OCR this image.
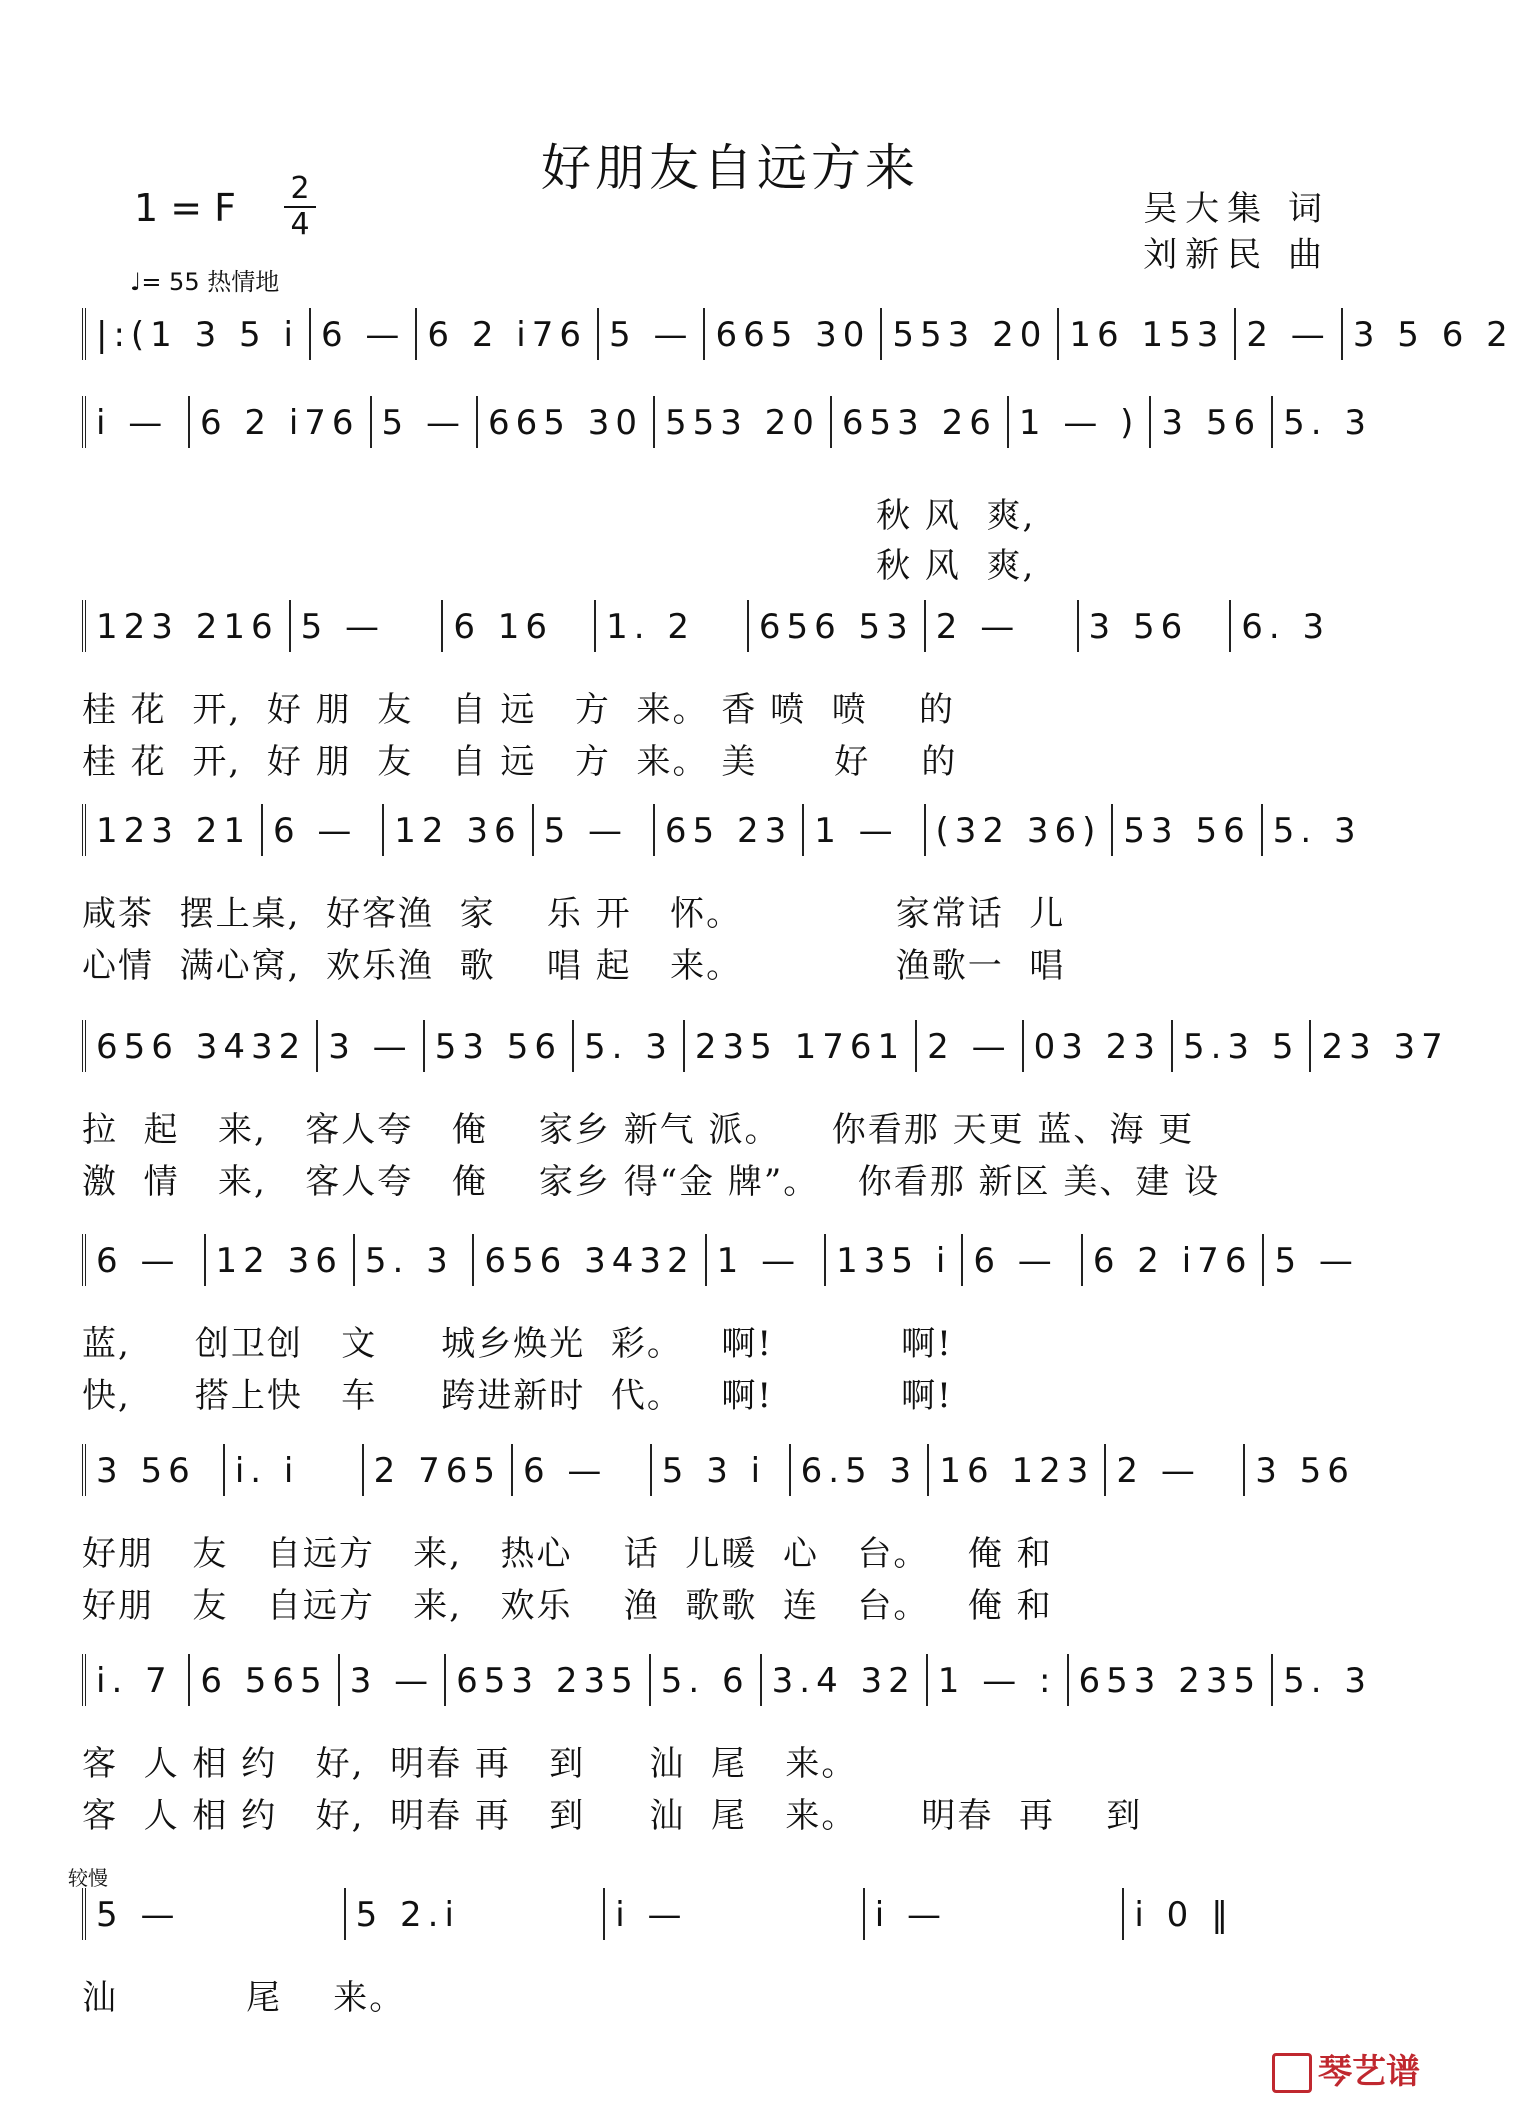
好朋友自远方来
1 = F	2
4
♩= 55 热情地
吴大集 词
刘新民 曲
|:(1 3 5 i 6 — 6 2 i76 5 — 665 30 553 20 16 153 2 — 3 5 6 2
i — 6 2 i76 5 — 665 30 553 20 653 26 1 — ) 3 56 5. 3
秋 风  爽,
秋 风  爽,
123 216 5 —	6 16	1. 2	656 53 2 —	3 56	6. 3
桂 花  开,  好 朋  友   自 远   方  来。 香 喷  喷    的
桂 花  开,  好 朋  友   自 远   方  来。 美      好    的
123 21 6 —	12 36 5 —	65 23 1 —	(32 36) 53 56 5. 3
咸茶  摆上桌,  好客渔  家    乐 开   怀。            家常话  儿
心情  满心窝,  欢乐渔  歌    唱 起   来。            渔歌一  唱
656 3432 3 — 53 56 5. 3 235 1761 2 — 03 23 5.3 5 23 37
拉  起   来,   客人夸   俺    家乡 新气 派。    你看那 天更 蓝、海 更
激  情   来,   客人夸   俺    家乡 得“金 牌”。   你看那 新区 美、建 设
6 —	12 36 5. 3 656 3432 1 —	135 i 6 —	6 2 i76 5 —
蓝,     创卫创   文     城乡焕光  彩。   啊!          啊!
快,     搭上快   车     跨进新时  代。   啊!          啊!
3 56	i. i	2 765 6 —	5 3 i	6.5 3 16 123 2 —	3 56
好朋   友   自远方   来,   热心    话  儿暖  心   台。   俺 和
好朋   友   自远方   来,   欢乐    渔  歌歌  连   台。   俺 和
i. 7 6 565 3 — 653 235 5. 6 3.4 32 1 — : 653 235 5. 3
客  人 相 约   好,  明春 再   到     汕  尾   来。
客  人 相 约   好,  明春 再   到     汕  尾   来。     明春  再    到
5 —	5 2.i	i —	i —	i 0 ‖
汕          尾    来。
较慢
琴艺谱
